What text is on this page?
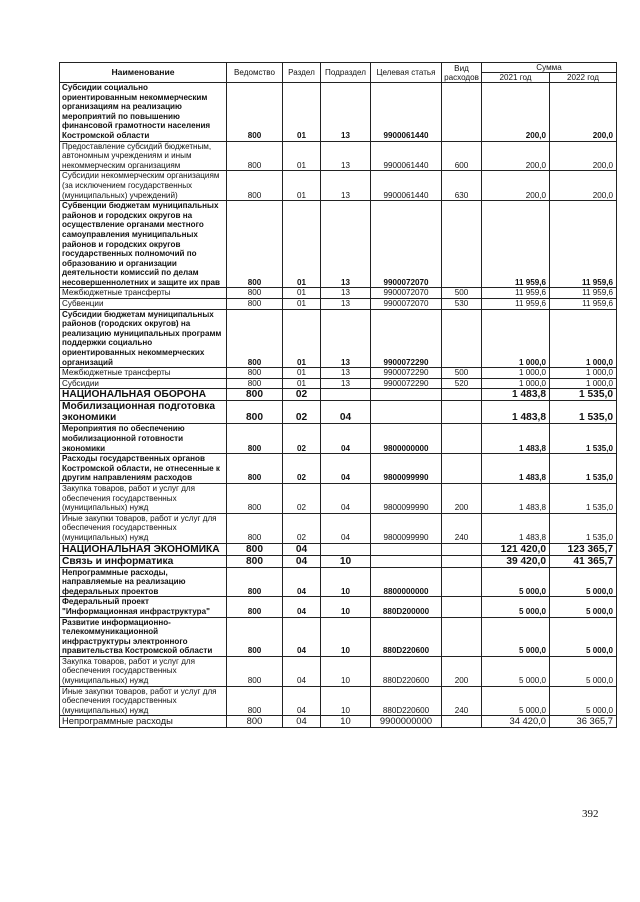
Наименование	Ведомство	Раздел	Подраздел	Целевая статья	Вид расходов	Сумма	
						2021 год	2022 год
Субсидии социально ориентированным некоммерческим организациям на реализацию мероприятий по повышению финансовой грамотности населения Костромской области	800	01	13	9900061440		200,0	200,0
Предоставление субсидий бюджетным, автономным учреждениям и иным некоммерческим организациям	800	01	13	9900061440	600	200,0	200,0
Субсидии некоммерческим организациям (за исключением государственных (муниципальных) учреждений)	800	01	13	9900061440	630	200,0	200,0
Субвенции бюджетам муниципальных районов и городских округов на осуществление органами местного самоуправления муниципальных районов и городских округов государственных полномочий по образованию и организации деятельности комиссий по делам несовершеннолетних и защите их прав	800	01	13	9900072070		11 959,6	11 959,6
Межбюджетные трансферты	800	01	13	9900072070	500	11 959,6	11 959,6
Субвенции	800	01	13	9900072070	530	11 959,6	11 959,6
Субсидии бюджетам муниципальных районов (городских округов) на реализацию муниципальных программ поддержки социально ориентированных некоммерческих организаций	800	01	13	9900072290		1 000,0	1 000,0
Межбюджетные трансферты	800	01	13	9900072290	500	1 000,0	1 000,0
Субсидии	800	01	13	9900072290	520	1 000,0	1 000,0
НАЦИОНАЛЬНАЯ ОБОРОНА	800	02				1 483,8	1 535,0
Мобилизационная подготовка экономики	800	02	04			1 483,8	1 535,0
Мероприятия по обеспечению мобилизационной готовности экономики	800	02	04	9800000000		1 483,8	1 535,0
Расходы государственных органов Костромской области, не отнесенные к другим направлениям расходов	800	02	04	9800099990		1 483,8	1 535,0
Закупка товаров, работ и услуг для обеспечения государственных (муниципальных) нужд	800	02	04	9800099990	200	1 483,8	1 535,0
Иные закупки товаров, работ и услуг для обеспечения государственных (муниципальных) нужд	800	02	04	9800099990	240	1 483,8	1 535,0
НАЦИОНАЛЬНАЯ ЭКОНОМИКА	800	04				121 420,0	123 365,7
Связь и информатика	800	04	10			39 420,0	41 365,7
Непрограммные расходы, направляемые на реализацию федеральных проектов	800	04	10	8800000000		5 000,0	5 000,0
Федеральный проект "Информационная инфраструктура"	800	04	10	880D200000		5 000,0	5 000,0
Развитие информационно-телекоммуникационной инфраструктуры электронного правительства Костромской области	800	04	10	880D220600		5 000,0	5 000,0
Закупка товаров, работ и услуг для обеспечения государственных (муниципальных) нужд	800	04	10	880D220600	200	5 000,0	5 000,0
Иные закупки товаров, работ и услуг для обеспечения государственных (муниципальных) нужд	800	04	10	880D220600	240	5 000,0	5 000,0
Непрограммные расходы	800	04	10	9900000000		34 420,0	36 365,7
392
